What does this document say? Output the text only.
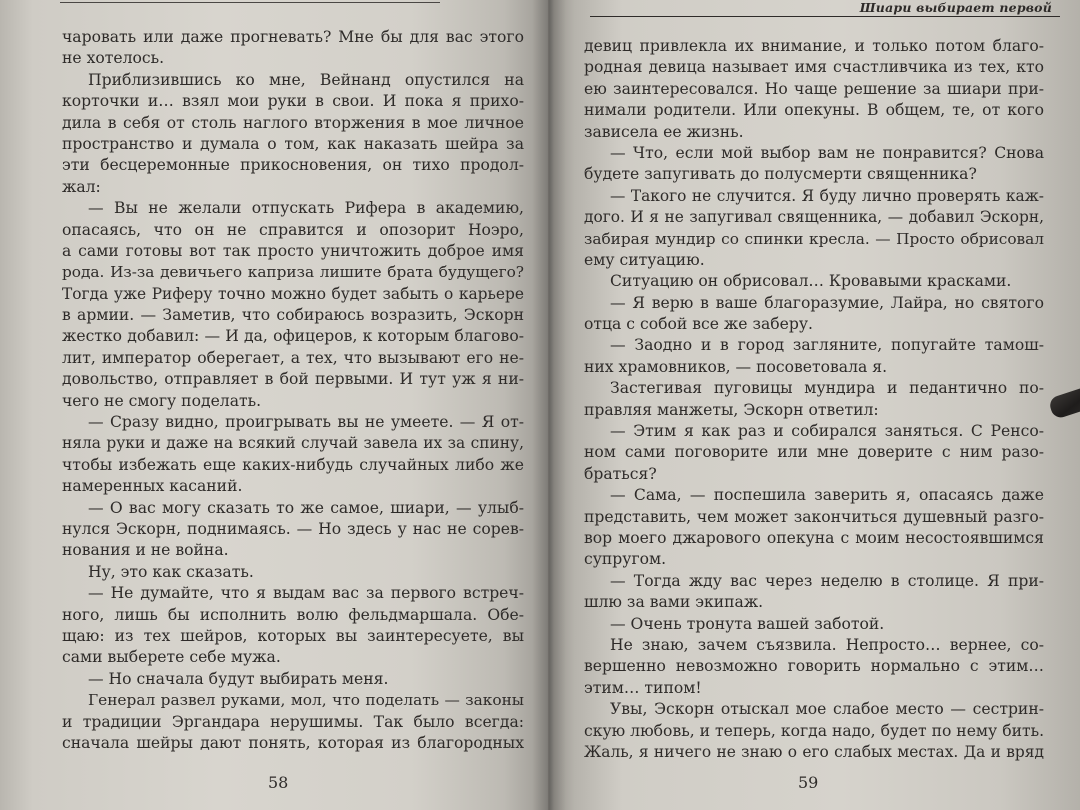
чаровать или даже прогневать? Мне бы для вас этого
не хотелось.
Приблизившись ко мне, Вейнанд опустился на
корточки и… взял мои руки в свои. И пока я прихо-
дила в себя от столь наглого вторжения в мое личное
пространство и думала о том, как наказать шейра за
эти бесцеремонные прикосновения, он тихо продол-
жал:
— Вы не желали отпускать Рифера в академию,
опасаясь, что он не справится и опозорит Ноэро,
а сами готовы вот так просто уничтожить доброе имя
рода. Из-за девичьего каприза лишите брата будущего?
Тогда уже Риферу точно можно будет забыть о карьере
в армии. — Заметив, что собираюсь возразить, Эскорн
жестко добавил: — И да, офицеров, к которым благово-
лит, император оберегает, а тех, что вызывают его не-
довольство, отправляет в бой первыми. И тут уж я ни-
чего не смогу поделать.
— Сразу видно, проигрывать вы не умеете. — Я от-
няла руки и даже на всякий случай завела их за спину,
чтобы избежать еще каких-нибудь случайных либо же
намеренных касаний.
— О вас могу сказать то же самое, шиари, — улыб-
нулся Эскорн, поднимаясь. — Но здесь у нас не сорев-
нования и не война.
Ну, это как сказать.
— Не думайте, что я выдам вас за первого встреч-
ного, лишь бы исполнить волю фельдмаршала. Обе-
щаю: из тех шейров, которых вы заинтересуете, вы
сами выберете себе мужа.
— Но сначала будут выбирать меня.
Генерал развел руками, мол, что поделать — законы
и традиции Эргандара нерушимы. Так было всегда:
сначала шейры дают понять, которая из благородных
58
Шиари выбирает первой
девиц привлекла их внимание, и только потом благо-
родная девица называет имя счастливчика из тех, кто
ею заинтересовался. Но чаще решение за шиари при-
нимали родители. Или опекуны. В общем, те, от кого
зависела ее жизнь.
— Что, если мой выбор вам не понравится? Снова
будете запугивать до полусмерти священника?
— Такого не случится. Я буду лично проверять каж-
дого. И я не запугивал священника, — добавил Эскорн,
забирая мундир со спинки кресла. — Просто обрисовал
ему ситуацию.
Ситуацию он обрисовал… Кровавыми красками.
— Я верю в ваше благоразумие, Лайра, но святого
отца с собой все же заберу.
— Заодно и в город загляните, попугайте тамош-
них храмовников, — посоветовала я.
Застегивая пуговицы мундира и педантично по-
правляя манжеты, Эскорн ответил:
— Этим я как раз и собирался заняться. С Ренсо-
ном сами поговорите или мне доверите с ним разо-
браться?
— Сама, — поспешила заверить я, опасаясь даже
представить, чем может закончиться душевный разго-
вор моего джарового опекуна с моим несостоявшимся
супругом.
— Тогда жду вас через неделю в столице. Я при-
шлю за вами экипаж.
— Очень тронута вашей заботой.
Не знаю, зачем съязвила. Непросто… вернее, со-
вершенно невозможно говорить нормально с этим…
этим… типом!
Увы, Эскорн отыскал мое слабое место — сестрин-
скую любовь, и теперь, когда надо, будет по нему бить.
Жаль, я ничего не знаю о его слабых местах. Да и вряд
59
